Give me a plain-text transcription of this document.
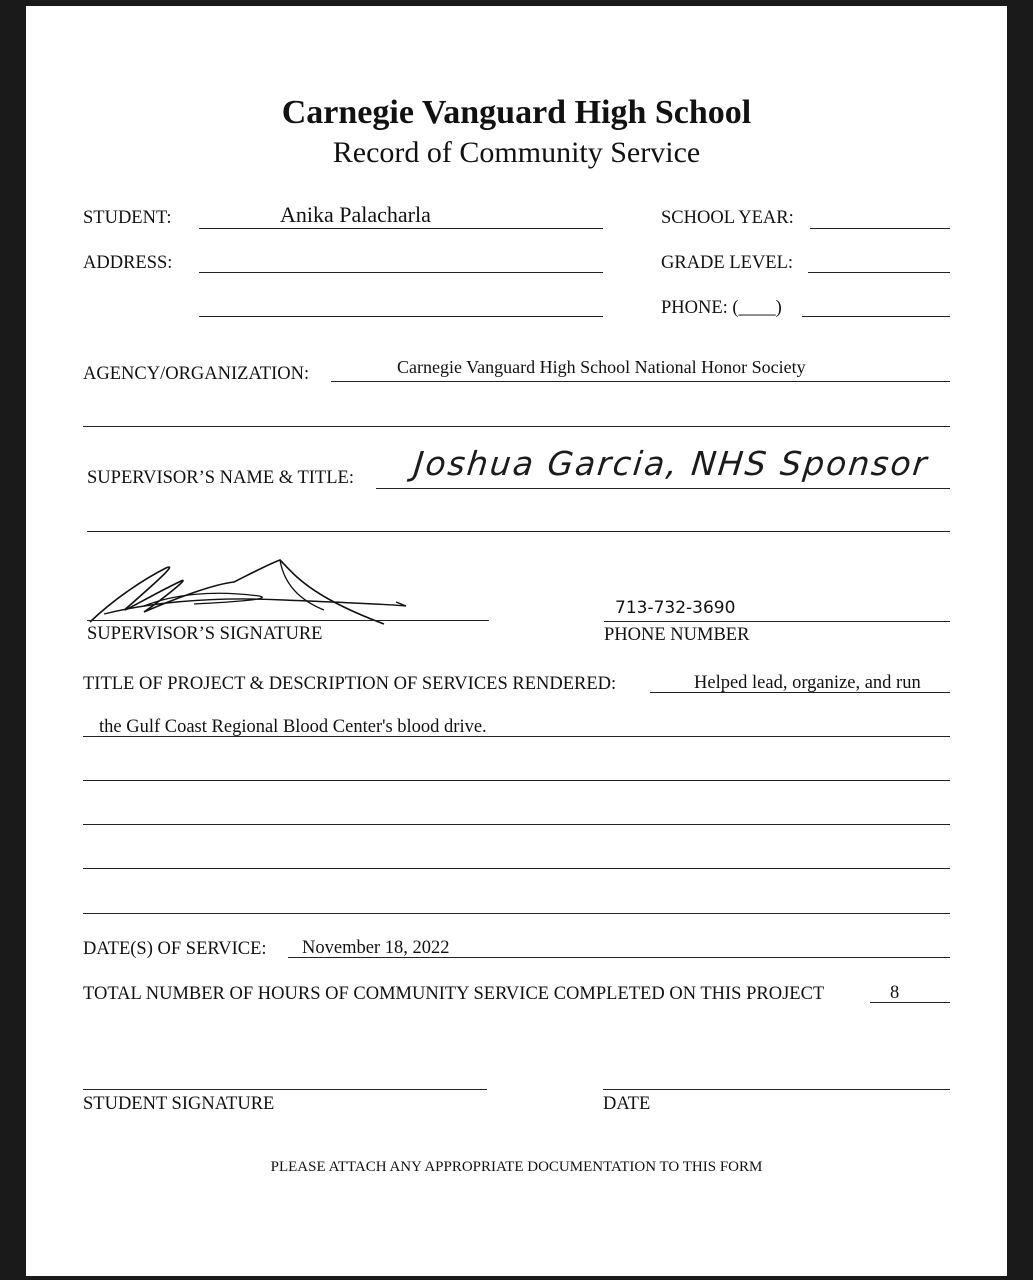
Carnegie Vanguard High School
Record of Community Service
STUDENT:	Anika Palacharla	SCHOOL YEAR:
ADDRESS:	GRADE LEVEL:
PHONE: (____)
AGENCY/ORGANIZATION:	Carnegie Vanguard High School National Honor Society
SUPERVISOR’S NAME & TITLE: Joshua Garcia, NHS Sponsor
SUPERVISOR’S SIGNATURE
713-732-3690
PHONE NUMBER
TITLE OF PROJECT & DESCRIPTION OF SERVICES RENDERED:	Helped lead, organize, and run
the Gulf Coast Regional Blood Center's blood drive.
DATE(S) OF SERVICE: November 18, 2022
TOTAL NUMBER OF HOURS OF COMMUNITY SERVICE COMPLETED ON THIS PROJECT	8
STUDENT SIGNATURE	DATE
PLEASE ATTACH ANY APPROPRIATE DOCUMENTATION TO THIS FORM
